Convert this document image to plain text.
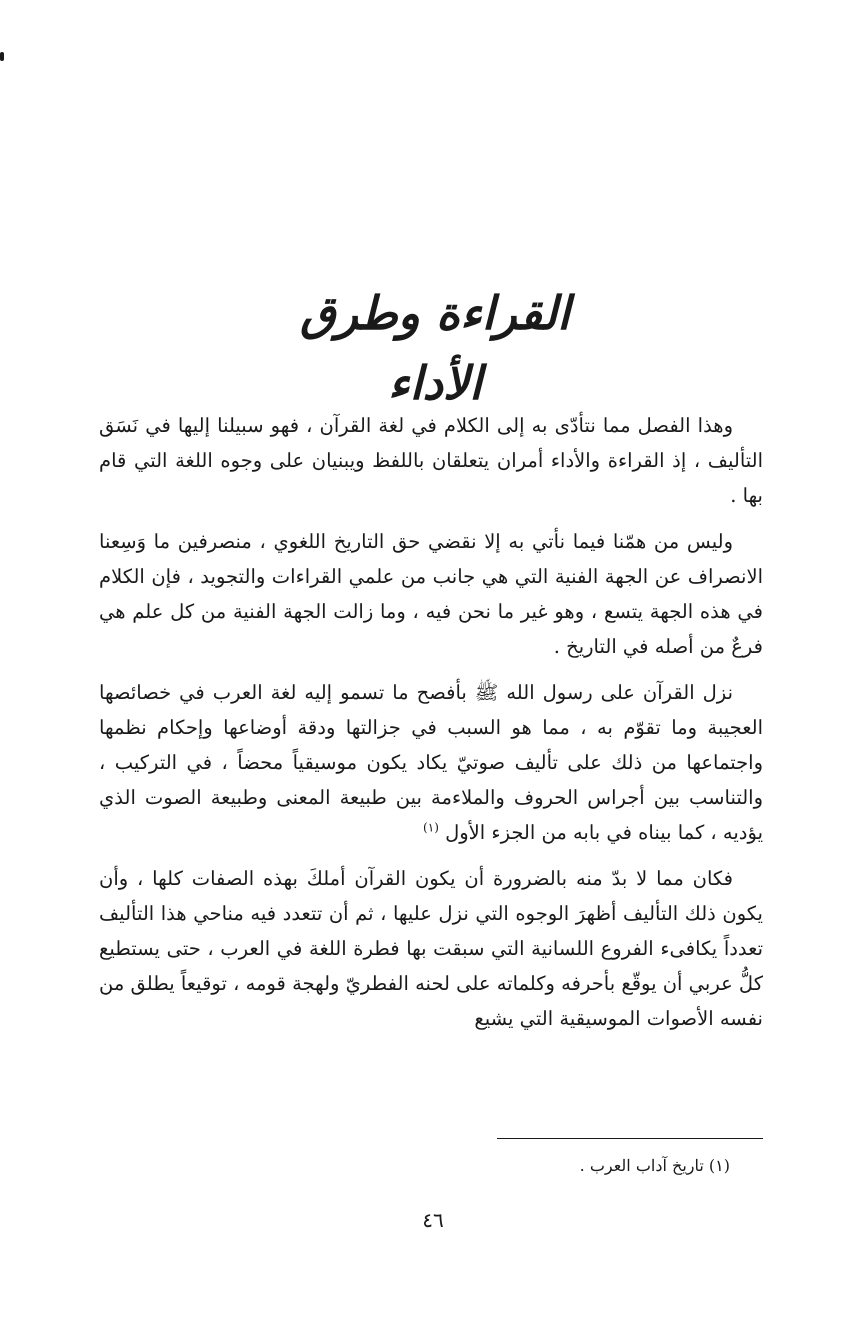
القراءة وطرق الأداء

وهذا الفصل مما نتأدّى به إلى الكلام في لغة القرآن ، فهو سبيلنا إليها في نَسَق التأليف ، إذ القراءة والأداء أمران يتعلقان باللفظ ويبنيان على وجوه اللغة التي قام بها .

وليس من همّنا فيما نأتي به إلا نقضي حق التاريخ اللغوي ، منصرفين ما وَسِعنا الانصراف عن الجهة الفنية التي هي جانب من علمي القراءات والتجويد ، فإن الكلام في هذه الجهة يتسع ، وهو غير ما نحن فيه ، وما زالت الجهة الفنية من كل علم هي فرعٌ من أصله في التاريخ .

نزل القرآن على رسول الله ﷺ بأفصح ما تسمو إليه لغة العرب في خصائصها العجيبة وما تقوّم به ، مما هو السبب في جزالتها ودقة أوضاعها وإحكام نظمها واجتماعها من ذلك على تأليف صوتيّ يكاد يكون موسيقياً محضاً ، في التركيب ، والتناسب بين أجراس الحروف والملاءمة بين طبيعة المعنى وطبيعة الصوت الذي يؤديه ، كما بيناه في بابه من الجزء الأول $^{(١)}$

فكان مما لا بدّ منه بالضرورة أن يكون القرآن أملكَ بهذه الصفات كلها ، وأن يكون ذلك التأليف أظهرَ الوجوه التي نزل عليها ، ثم أن تتعدد فيه مناحي هذا التأليف تعدداً يكافىء الفروع اللسانية التي سبقت بها فطرة اللغة في العرب ، حتى يستطيع كلُّ عربي أن يوقّع بأحرفه وكلماته على لحنه الفطريّ ولهجة قومه ، توقيعاً يطلق من نفسه الأصوات الموسيقية التي يشيع

(١) تاريخ آداب العرب .
٤٦
